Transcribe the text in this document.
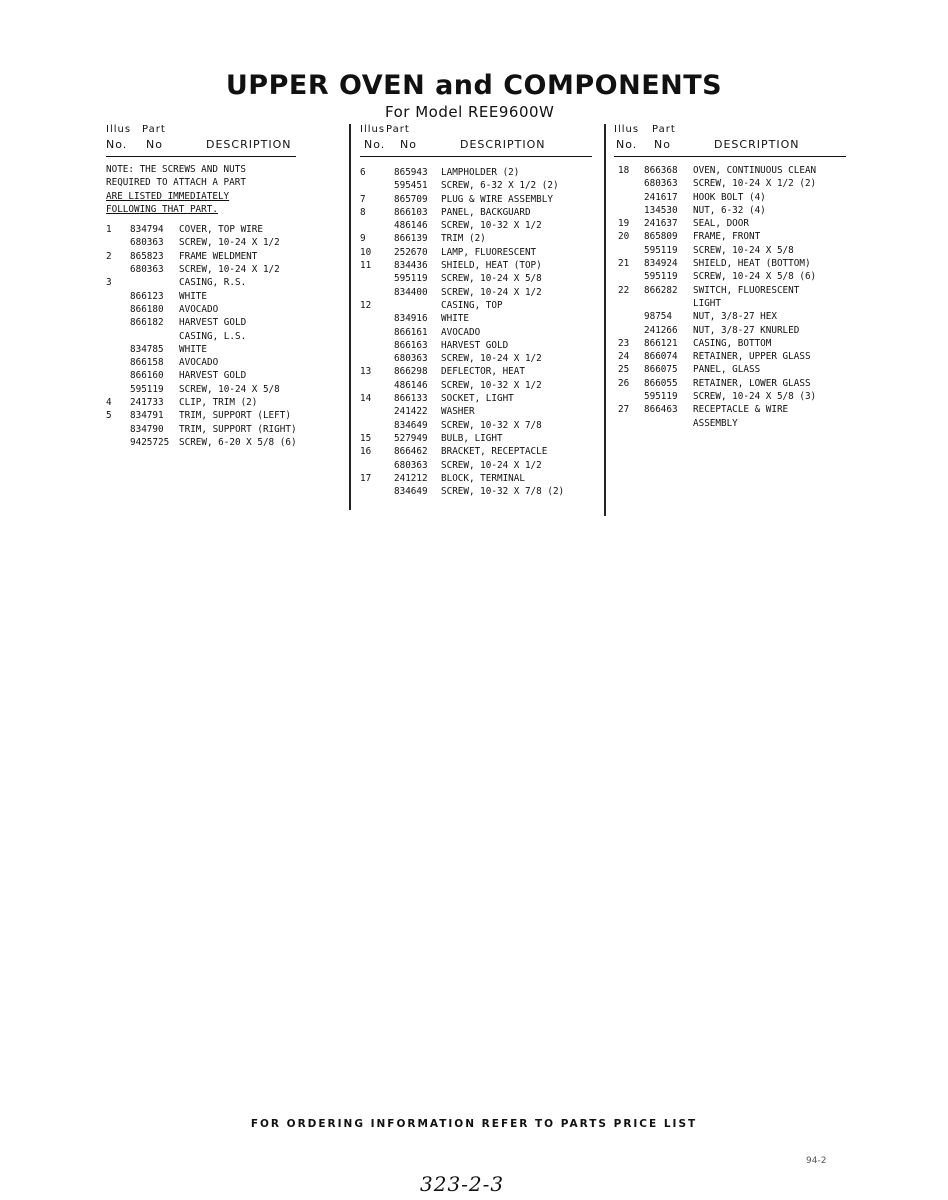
UPPER OVEN and COMPONENTS
For Model REE9600W
Illus Part
No. No	DESCRIPTION
NOTE: THE SCREWS AND NUTS
REQUIRED TO ATTACH A PART
ARE LISTED IMMEDIATELY
FOLLOWING THAT PART.
1 834794 COVER, TOP WIRE
680363 SCREW, 10-24 X 1/2
2 865823 FRAME WELDMENT
680363 SCREW, 10-24 X 1/2
3	CASING, R.S.
866123 WHITE
866180 AVOCADO
866182 HARVEST GOLD
CASING, L.S.
834785 WHITE
866158 AVOCADO
866160 HARVEST GOLD
595119 SCREW, 10-24 X 5/8
4 241733 CLIP, TRIM (2)
5 834791 TRIM, SUPPORT (LEFT)
834790 TRIM, SUPPORT (RIGHT)
9425725 SCREW, 6-20 X 5/8 (6)
Illus Part
No. No	DESCRIPTION
6	865943 LAMPHOLDER (2)
595451 SCREW, 6-32 X 1/2 (2)
7	865709 PLUG & WIRE ASSEMBLY
8	866103 PANEL, BACKGUARD
486146 SCREW, 10-32 X 1/2
9	866139 TRIM (2)
10 252670 LAMP, FLUORESCENT
11 834436 SHIELD, HEAT (TOP)
595119 SCREW, 10-24 X 5/8
834400 SCREW, 10-24 X 1/2
12	CASING, TOP
834916 WHITE
866161 AVOCADO
866163 HARVEST GOLD
680363 SCREW, 10-24 X 1/2
13 866298 DEFLECTOR, HEAT
486146 SCREW, 10-32 X 1/2
14 866133 SOCKET, LIGHT
241422 WASHER
834649 SCREW, 10-32 X 7/8
15 527949 BULB, LIGHT
16 866462 BRACKET, RECEPTACLE
680363 SCREW, 10-24 X 1/2
17 241212 BLOCK, TERMINAL
834649 SCREW, 10-32 X 7/8 (2)
Illus Part
No. No	DESCRIPTION
18 866368 OVEN, CONTINUOUS CLEAN
680363 SCREW, 10-24 X 1/2 (2)
241617 HOOK BOLT (4)
134530 NUT, 6-32 (4)
19 241637 SEAL, DOOR
20 865809 FRAME, FRONT
595119 SCREW, 10-24 X 5/8
21 834924 SHIELD, HEAT (BOTTOM)
595119 SCREW, 10-24 X 5/8 (6)
22 866282 SWITCH, FLUORESCENT
LIGHT
98754 NUT, 3/8-27 HEX
241266 NUT, 3/8-27 KNURLED
23 866121 CASING, BOTTOM
24 866074 RETAINER, UPPER GLASS
25 866075 PANEL, GLASS
26 866055 RETAINER, LOWER GLASS
595119 SCREW, 10-24 X 5/8 (3)
27 866463 RECEPTACLE & WIRE
ASSEMBLY
FOR ORDERING INFORMATION REFER TO PARTS PRICE LIST
94-2
323-2-3
